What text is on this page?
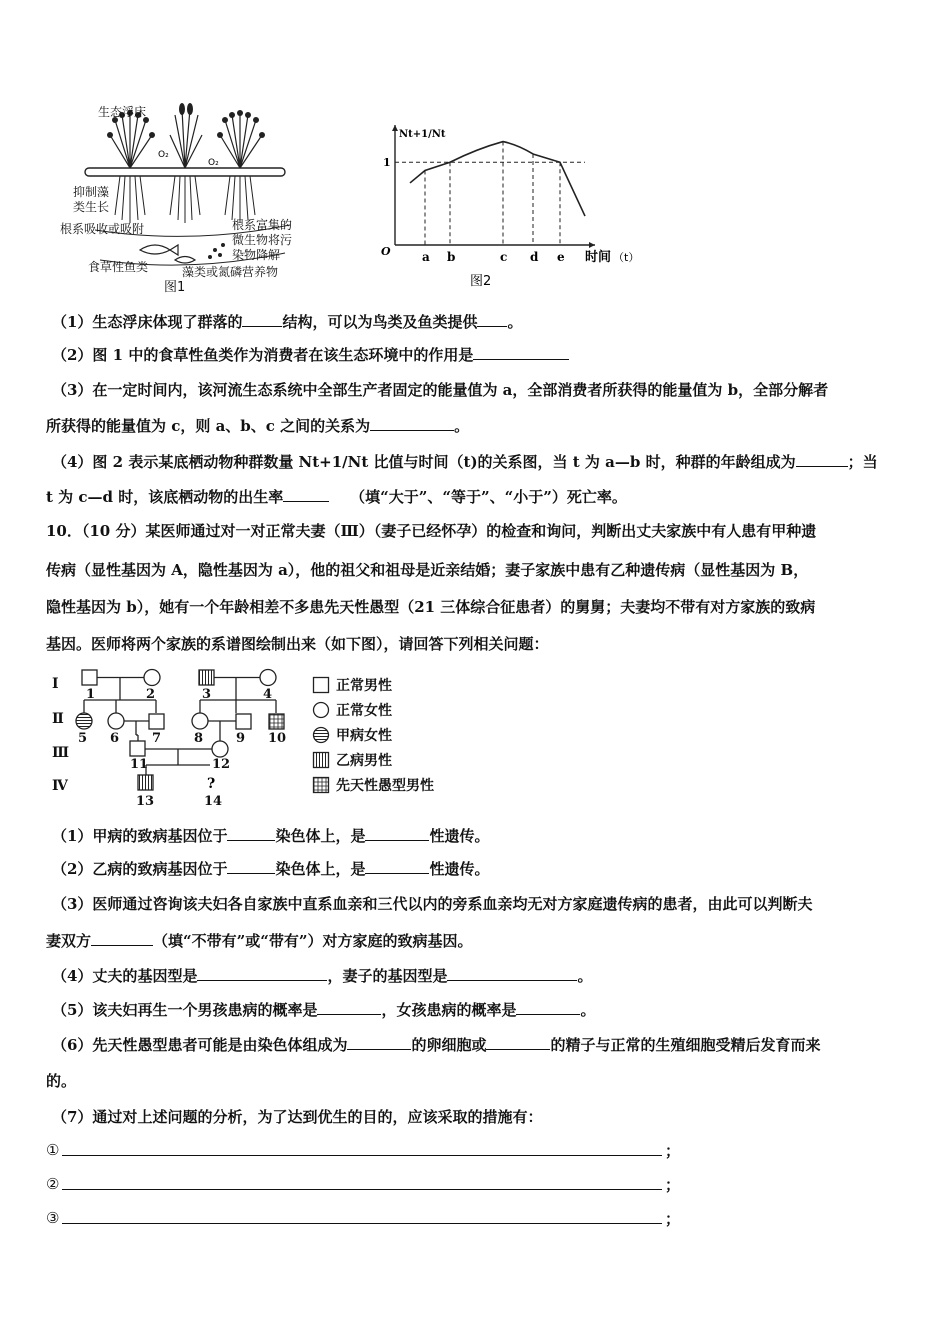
O₂
O₂
生态浮床
抑制藻
类生长
根系吸收或吸附	根系富集的
微生物将污
染物降解
食草性鱼类	藻类或氮磷营养物
图1
a b	c d e
Nt+1/Nt
1
O	时间 （t）
图2
（1）生态浮床体现了群落的	结构，可以为鸟类及鱼类提供 。
（2）图 1 中的食草性鱼类作为消费者在该生态环境中的作用是
（3）在一定时间内，该河流生态系统中全部生产者固定的能量值为 a，全部消费者所获得的能量值为 b，全部分解者
所获得的能量值为 c，则 a、b、c 之间的关系为	。
（4）图 2 表示某底栖动物种群数量 Nt+1/Nt 比值与时间（t)的关系图，当 t 为 a—b 时，种群的年龄组成为	；当
t 为 c—d 时，该底栖动物的出生率	（填“大于”、“等于”、“小于”）死亡率。
10．（10 分）某医师通过对一对正常夫妻（Ⅲ）（妻子已经怀孕）的检查和询问，判断出丈夫家族中有人患有甲种遗
传病（显性基因为 A，隐性基因为 a），他的祖父和祖母是近亲结婚；妻子家族中患有乙种遗传病（显性基因为 B，
隐性基因为 b），她有一个年龄相差不多患先天性愚型（21 三体综合征患者）的舅舅；夫妻均不带有对方家族的致病
基因。医师将两个家族的系谱图绘制出来（如下图），请回答下列相关问题：
Ⅰ
Ⅱ
Ⅲ
Ⅳ	?
1	2	3	4
5 6	7	8	9 10
11	12
13	14
正常男性
正常女性
甲病女性
乙病男性
先天性愚型男性
（1）甲病的致病基因位于	染色体上，是	性遗传。
（2）乙病的致病基因位于	染色体上，是	性遗传。
（3）医师通过咨询该夫妇各自家族中直系血亲和三代以内的旁系血亲均无对方家庭遗传病的患者，由此可以判断夫
妻双方	（填“不带有”或“带有”）对方家庭的致病基因。
（4）丈夫的基因型是	，妻子的基因型是	。
（5）该夫妇再生一个男孩患病的概率是	，女孩患病的概率是	。
（6）先天性愚型患者可能是由染色体组成为	的卵细胞或	的精子与正常的生殖细胞受精后发育而来
的。
（7）通过对上述问题的分析，为了达到优生的目的，应该采取的措施有：
①	；
②	；
③	；
